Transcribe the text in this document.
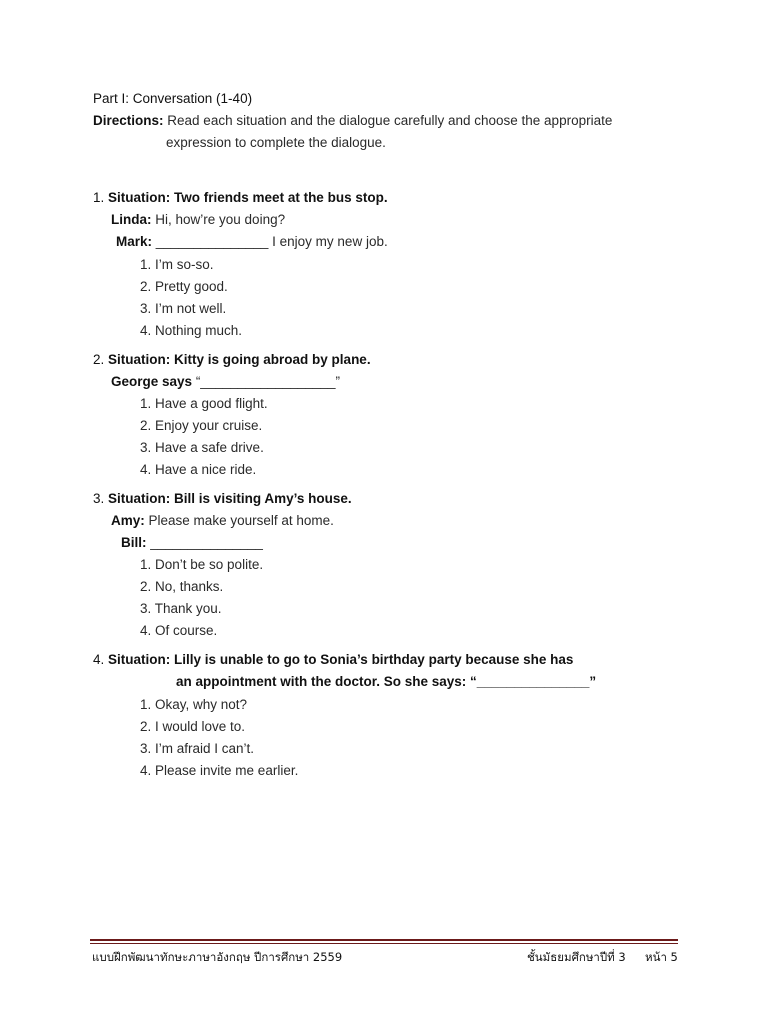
Part I: Conversation (1-40)
Directions: Read each situation and the dialogue carefully and choose the appropriate
expression to complete the dialogue.
1. Situation: Two friends meet at the bus stop.
Linda: Hi, how’re you doing?
Mark: _______________ I enjoy my new job.
1. I’m so-so.
2. Pretty good.
3. I’m not well.
4. Nothing much.
2. Situation: Kitty is going abroad by plane.
George says “__________________”
1. Have a good flight.
2. Enjoy your cruise.
3. Have a safe drive.
4. Have a nice ride.
3. Situation: Bill is visiting Amy’s house.
Amy: Please make yourself at home.
Bill: _______________
1. Don’t be so polite.
2. No, thanks.
3. Thank you.
4. Of course.
4. Situation: Lilly is unable to go to Sonia’s birthday party because she has
an appointment with the doctor. So she says: “_______________”
1. Okay, why not?
2. I would love to.
3. I’m afraid I can’t.
4. Please invite me earlier.
แบบฝึกพัฒนาทักษะภาษาอังกฤษ ปีการศึกษา 2559	ชั้นมัธยมศึกษาปีที่ 3 หน้า 5
